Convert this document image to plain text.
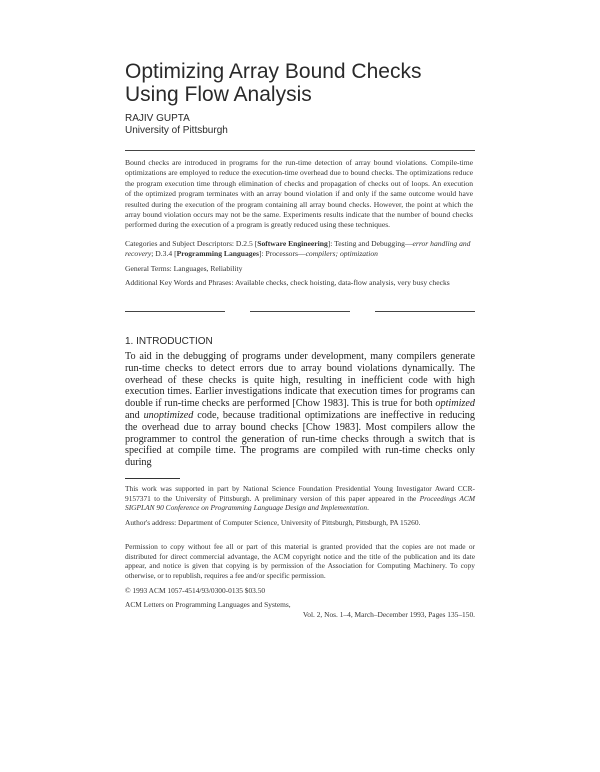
Optimizing Array Bound Checks
Using Flow Analysis
RAJIV GUPTA
University of Pittsburgh

Bound checks are introduced in programs for the run-time detection of array bound violations. Compile-time optimizations are employed to reduce the execution-time overhead due to bound checks. The optimizations reduce the program execution time through elimination of checks and propagation of checks out of loops. An execution of the optimized program terminates with an array bound violation if and only if the same outcome would have resulted during the execution of the program containing all array bound checks. However, the point at which the array bound violation occurs may not be the same. Experiments results indicate that the number of bound checks performed during the execution of a program is greatly reduced using these techniques.

Categories and Subject Descriptors: D.2.5 [Software Engineering]: Testing and Debugging—error handling and recovery; D.3.4 [Programming Languages]: Processors—compilers; optimization

General Terms: Languages, Reliability

Additional Key Words and Phrases: Available checks, check hoisting, data-flow analysis, very busy checks

1. INTRODUCTION

To aid in the debugging of programs under development, many compilers generate run-time checks to detect errors due to array bound violations dynamically. The overhead of these checks is quite high, resulting in inefficient code with high execution times. Earlier investigations indicate that execution times for programs can double if run-time checks are performed [Chow 1983]. This is true for both optimized and unoptimized code, because traditional optimizations are ineffective in reducing the overhead due to array bound checks [Chow 1983]. Most compilers allow the programmer to control the generation of run-time checks through a switch that is specified at compile time. The programs are compiled with run-time checks only during

This work was supported in part by National Science Foundation Presidential Young Investigator Award CCR-9157371 to the University of Pittsburgh. A preliminary version of this paper appeared in the Proceedings ACM SIGPLAN 90 Conference on Programming Language Design and Implementation.

Author's address: Department of Computer Science, University of Pittsburgh, Pittsburgh, PA 15260.

Permission to copy without fee all or part of this material is granted provided that the copies are not made or distributed for direct commercial advantage, the ACM copyright notice and the title of the publication and its date appear, and notice is given that copying is by permission of the Association for Computing Machinery. To copy otherwise, or to republish, requires a fee and/or specific permission.

© 1993 ACM 1057-4514/93/0300-0135 $03.50

ACM Letters on Programming Languages and Systems,

Vol. 2, Nos. 1–4, March–December 1993, Pages 135–150.
